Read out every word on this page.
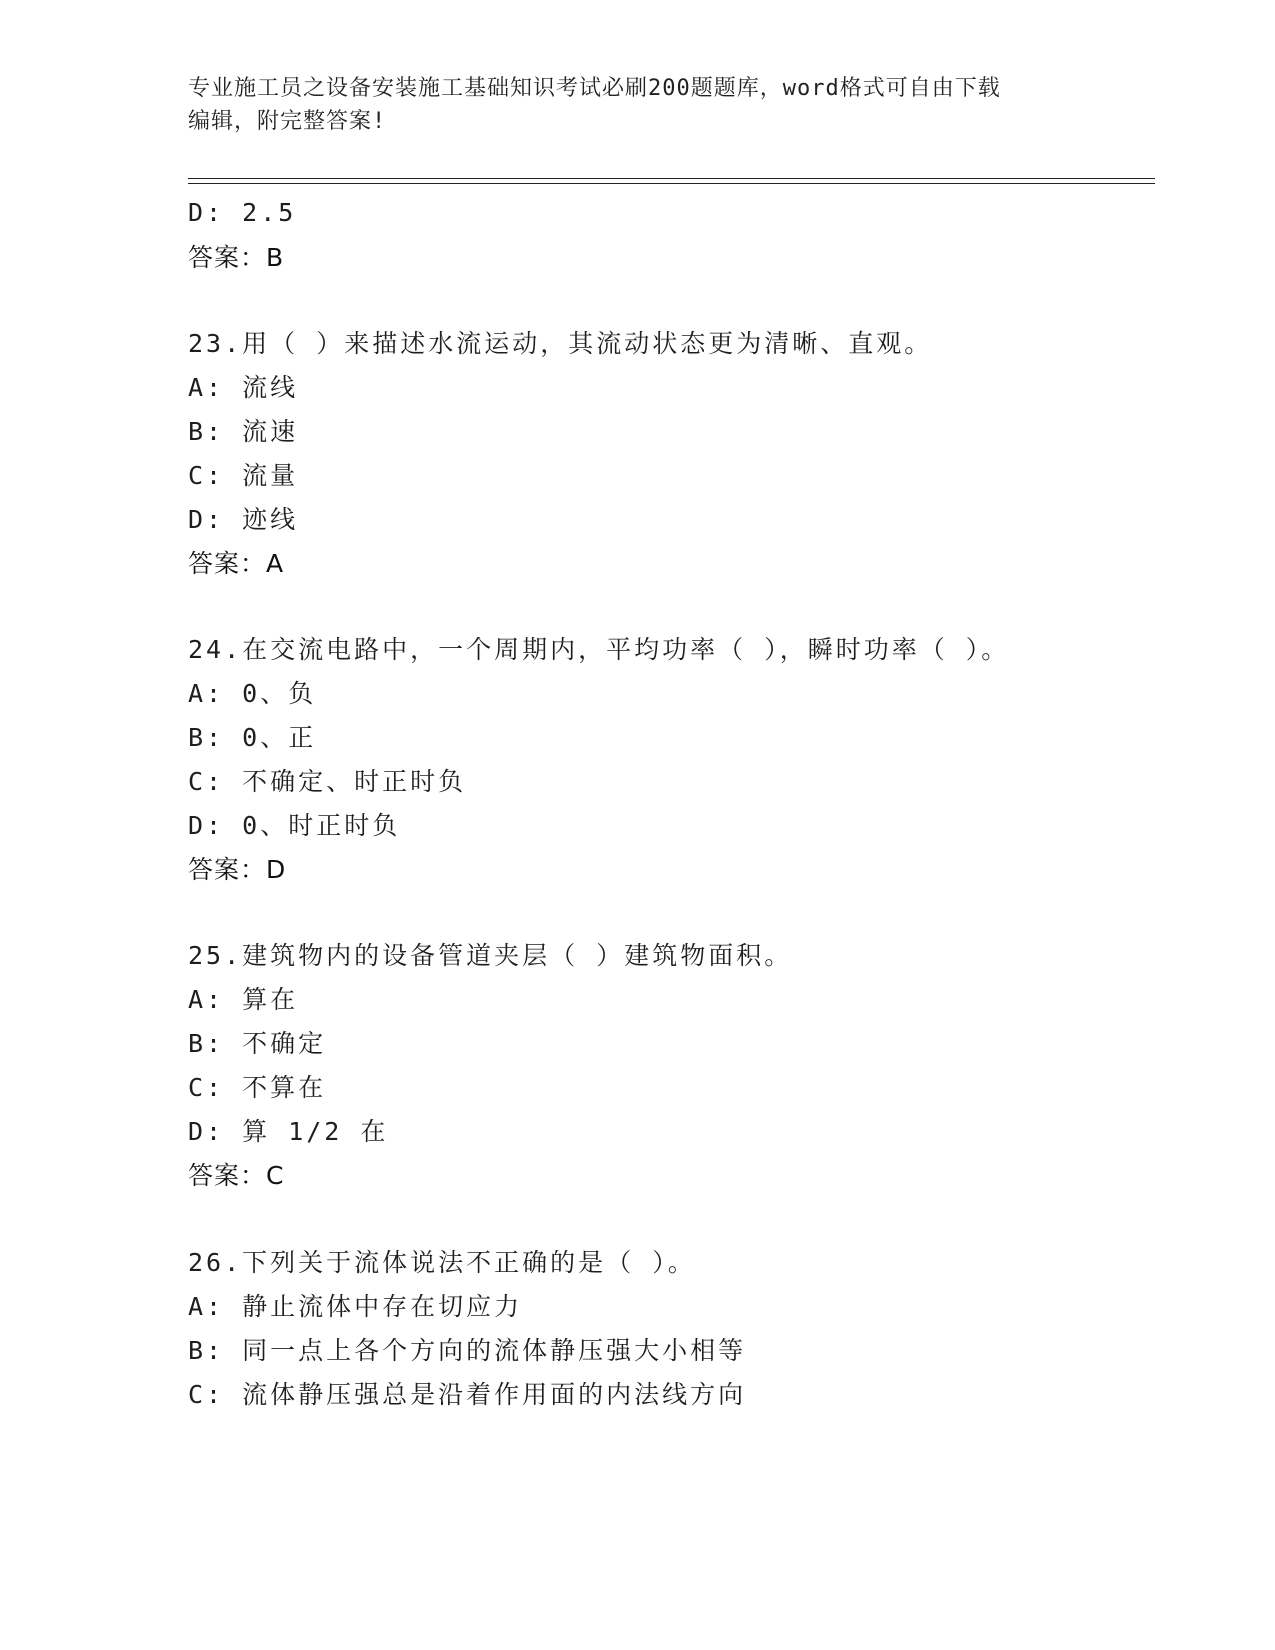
专业施工员之设备安装施工基础知识考试必刷200题题库，word格式可自由下载
编辑，附完整答案!
D: 2.5
答案：B
23.用（ ）来描述水流运动，其流动状态更为清晰、直观。
A: 流线
B: 流速
C: 流量
D: 迹线
答案：A
24.在交流电路中，一个周期内，平均功率（ ），瞬时功率（ ）。
A: 0、负
B: 0、正
C: 不确定、时正时负
D: 0、时正时负
答案：D
25.建筑物内的设备管道夹层（ ）建筑物面积。
A: 算在
B: 不确定
C: 不算在
D: 算 1/2 在
答案：C
26.下列关于流体说法不正确的是（ ）。
A: 静止流体中存在切应力
B: 同一点上各个方向的流体静压强大小相等
C: 流体静压强总是沿着作用面的内法线方向
